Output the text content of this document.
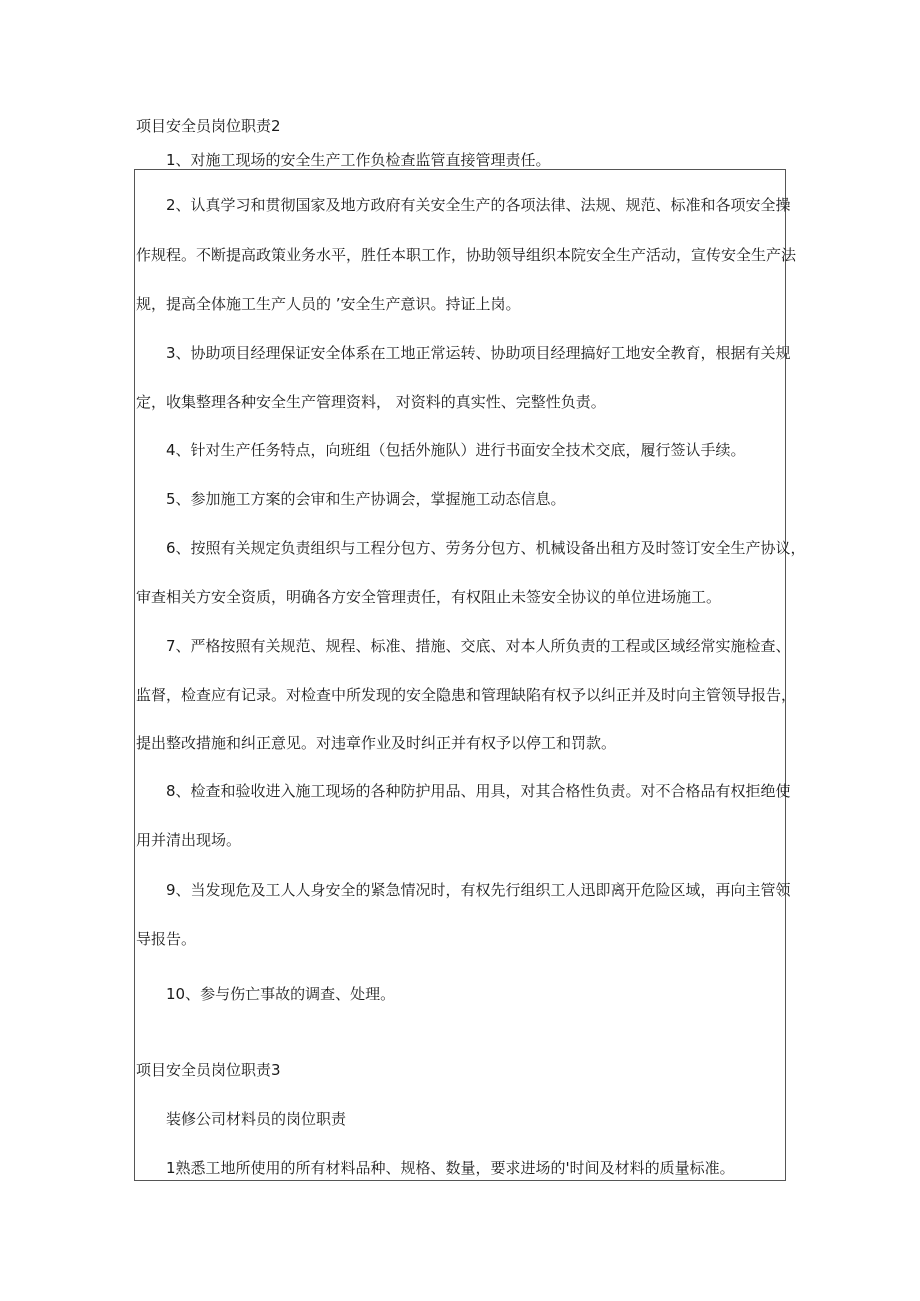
项目安全员岗位职责2
1、对施工现场的安全生产工作负检查监管直接管理责任。
2、认真学习和贯彻国家及地方政府有关安全生产的各项法律、法规、规范、标准和各项安全操
作规程。不断提高政策业务水平，胜任本职工作，协助领导组织本院安全生产活动，宣传安全生产法
规，提高全体施工生产人员的 ’安全生产意识。持证上岗。
3、协助项目经理保证安全体系在工地正常运转、协助项目经理搞好工地安全教育，根据有关规
定，收集整理各种安全生产管理资料， 对资料的真实性、完整性负责。
4、针对生产任务特点，向班组（包括外施队）进行书面安全技术交底，履行签认手续。
5、参加施工方案的会审和生产协调会，掌握施工动态信息。
6、按照有关规定负责组织与工程分包方、劳务分包方、机械设备出租方及时签订安全生产协议，
审查相关方安全资质，明确各方安全管理责任，有权阻止未签安全协议的单位进场施工。
7、严格按照有关规范、规程、标准、措施、交底、对本人所负责的工程或区域经常实施检查、
监督，检查应有记录。对检查中所发现的安全隐患和管理缺陷有权予以纠正并及时向主管领导报告，
提出整改措施和纠正意见。对违章作业及时纠正并有权予以停工和罚款。
8、检查和验收进入施工现场的各种防护用品、用具，对其合格性负责。对不合格品有权拒绝使
用并清出现场。
9、当发现危及工人人身安全的紧急情况时，有权先行组织工人迅即离开危险区域，再向主管领
导报告。
10、参与伤亡事故的调查、处理。
项目安全员岗位职责3
装修公司材料员的岗位职责
1熟悉工地所使用的所有材料品种、规格、数量，要求进场的'时间及材料的质量标准。
